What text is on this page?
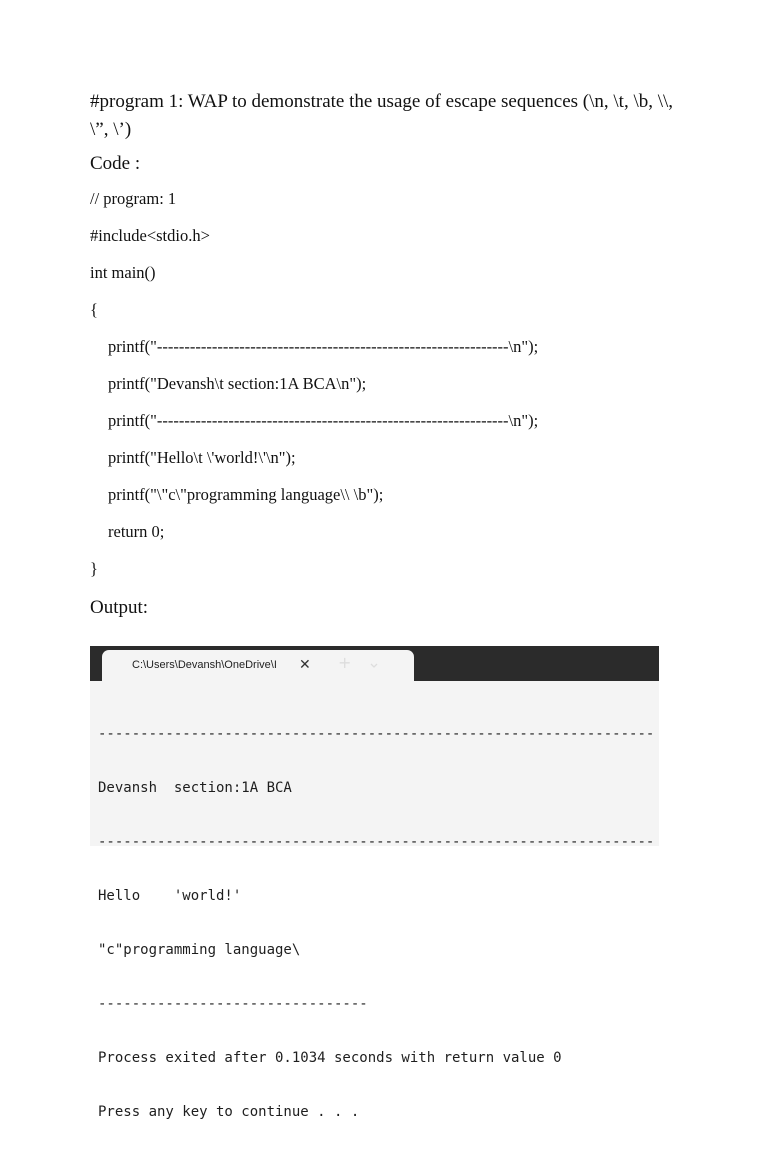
#program 1: WAP to demonstrate the usage of escape sequences (\n, \t, \b, \\, \”, \’)
Code :
// program: 1
#include<stdio.h>
int main()
{
printf("----------------------------------------------------------------\n");
printf("Devansh\t section:1A BCA\n");
printf("----------------------------------------------------------------\n");
printf("Hello\t \'world!\'\n");
printf("\"c\"programming language\\ \b");
return 0;
}
Output:
C:\Users\Devansh\OneDrive\I	✕ +

------------------------------------------------------------------

Devansh  section:1A BCA

------------------------------------------------------------------

Hello    'world!'

"c"programming language\

--------------------------------

Process exited after 0.1034 seconds with return value 0

Press any key to continue . . .
